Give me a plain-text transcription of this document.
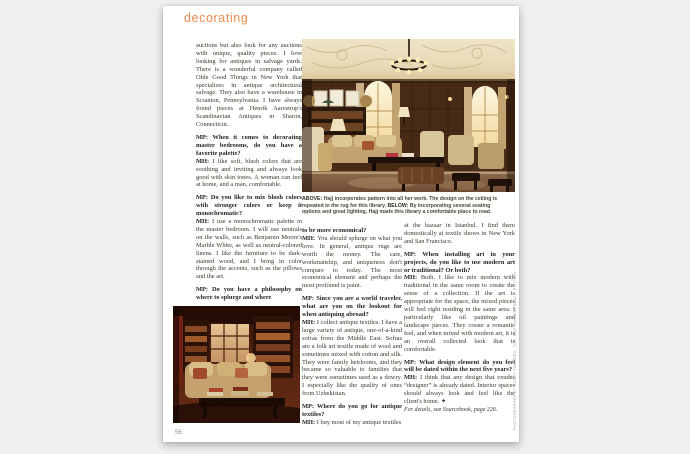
decorating
ABOVE: Hajj incorporates pattern into all her work. The design on the ceiling is repeated in the rug for this library. BELOW: By incorporating several seating options and great lighting, Hajj made this library a comfortable place to read.

auctions but also look for any auctions with unique, quality pieces. I love looking for antiques in salvage yards. There is a wonderful company called Olde Good Things in New York that specializes in antique architectural salvage. They also have a warehouse in Scranton, Pennsylvania. I have always found pieces at Henrik Aarestrup's Scandinavian Antiques in Sharon, Connecticut.

MP: When it comes to decorating master bedrooms, do you have a favorite palette?

MH: I like soft, blush colors that are soothing and inviting and always look good with skin tones. A woman can feel at home, and a man, comfortable.

MP: Do you like to mix blush colors with stronger colors or keep it monochromatic?

MH: I use a monochromatic palette in the master bedroom. I will use neutrals on the walls, such as Benjamin Moore's Marble White, as well as neutral-colored linens. I like the furniture to be dark-stained wood, and I bring in color through the accents, such as the pillows and the art.

MP: Do you have a philosophy on where to splurge and where

to be more economical?

MH: You should splurge on what you love. In general, antique rugs are worth the money. The care, workmanship, and uniqueness don't compare to today. The most economical element and perhaps the most profound is paint.

MP: Since you are a world traveler, what are you on the lookout for when antiquing abroad?

MH: I collect antique textiles. I have a large variety of antique, one-of-a-kind sofras from the Middle East. Sofras are a folk art textile made of wool and sometimes mixed with cotton and silk. They were family heirlooms, and they became so valuable to families that they were sometimes used as a dowry. I especially like the quality of ones from Uzbekistan.

MP: Where do you go for antique textiles?

MH: I buy most of my antique textiles

at the bazaar in Istanbul. I find them domestically at textile shows in New York and San Francisco.

MP: When installing art in your projects, do you like to use modern art or traditional? Or both?

MH: Both. I like to mix modern with traditional in the same room to create the sense of a collection. If the art is appropriate for the space, the mixed pieces will feel right residing in the same area. I particularly like oil paintings and landscape pieces. They create a romantic feel, and when mixed with modern art, it is an overall collected look that is comfortable.

MP: What design element do you feel will be dated within the next five years?

MH: I think that any design that exudes “designer” is already dated. Interior spaces should always look and feel like the client's home. ✦

For details, see Sourcebook, page 226.

56
PHOTOGRAPHED BY SCOTT FRANCES, TOP; AND GORDON BEALL, BOTTOM
